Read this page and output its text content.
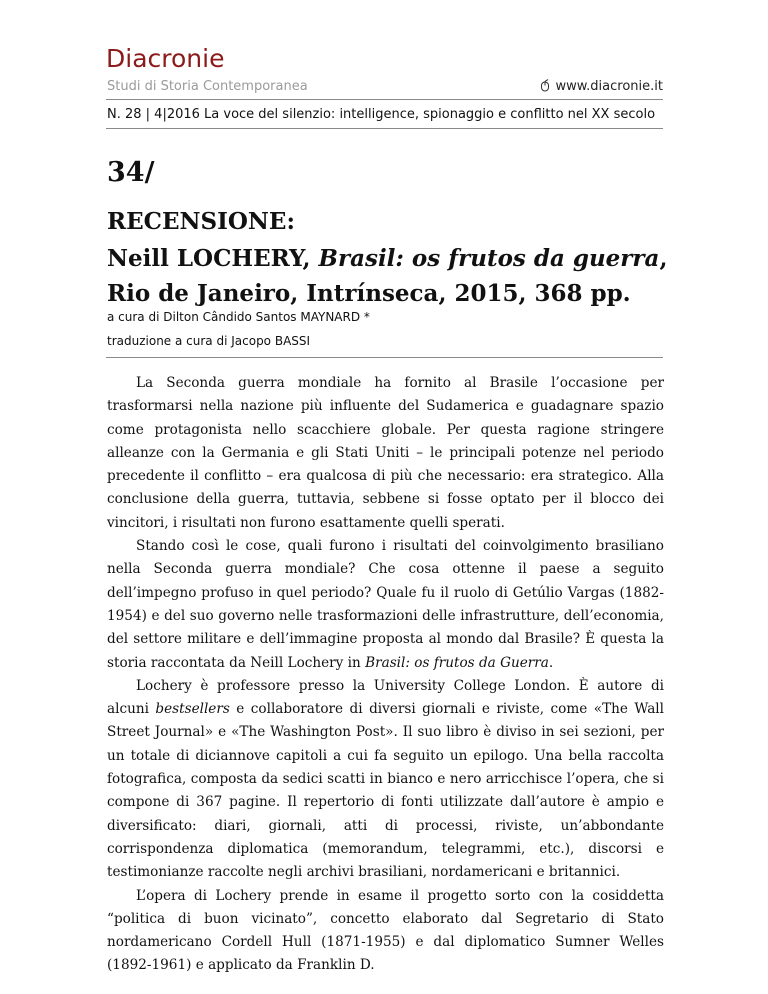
Diacronie
Studi di Storia Contemporanea	www.diacronie.it
N. 28 | 4|2016 La voce del silenzio: intelligence, spionaggio e conflitto nel XX secolo
34/
RECENSIONE:
Neill LOCHERY, Brasil: os frutos da guerra,
Rio de Janeiro, Intrínseca, 2015, 368 pp.
a cura di Dilton Cândido Santos MAYNARD *
traduzione a cura di Jacopo BASSI

La Seconda guerra mondiale ha fornito al Brasile l’occasione per trasformarsi nella nazione più influente del Sudamerica e guadagnare spazio come protagonista nello scacchiere globale. Per questa ragione stringere alleanze con la Germania e gli Stati Uniti – le principali potenze nel periodo precedente il conflitto – era qualcosa di più che necessario: era strategico. Alla conclusione della guerra, tuttavia, sebbene si fosse optato per il blocco dei vincitori, i risultati non furono esattamente quelli sperati.

Stando così le cose, quali furono i risultati del coinvolgimento brasiliano nella Seconda guerra mondiale? Che cosa ottenne il paese a seguito dell’impegno profuso in quel periodo? Quale fu il ruolo di Getúlio Vargas (1882-1954) e del suo governo nelle trasformazioni delle infrastrutture, dell’economia, del settore militare e dell’immagine proposta al mondo dal Brasile? È questa la storia raccontata da Neill Lochery in Brasil: os frutos da Guerra.

Lochery è professore presso la University College London. È autore di alcuni bestsellers e collaboratore di diversi giornali e riviste, come «The Wall Street Journal» e «The Washington Post». Il suo libro è diviso in sei sezioni, per un totale di diciannove capitoli a cui fa seguito un epilogo. Una bella raccolta fotografica, composta da sedici scatti in bianco e nero arricchisce l’opera, che si compone di 367 pagine. Il repertorio di fonti utilizzate dall’autore è ampio e diversificato: diari, giornali, atti di processi, riviste, un’abbondante corrispondenza diplomatica (memorandum, telegrammi, etc.), discorsi e testimonianze raccolte negli archivi brasiliani, nordamericani e britannici.

L’opera di Lochery prende in esame il progetto sorto con la cosiddetta “politica di buon vicinato”, concetto elaborato dal Segretario di Stato nordamericano Cordell Hull (1871-1955) e dal diplomatico Sumner Welles (1892-1961) e applicato da Franklin D.
